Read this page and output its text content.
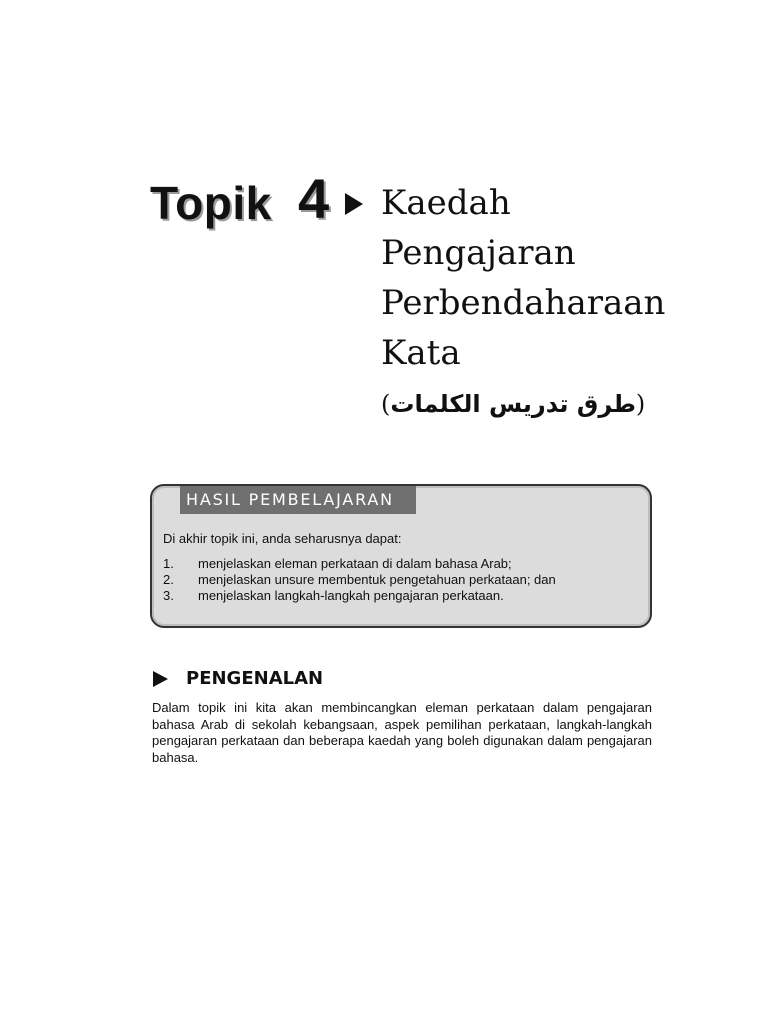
Topik 4 Kaedah
Pengajaran
Perbendaharaan
Kata
(طرق تدريس الكلمات)
HASIL PEMBELAJARAN
Di akhir topik ini, anda seharusnya dapat:
1. menjelaskan eleman perkataan di dalam bahasa Arab;
2. menjelaskan unsure membentuk pengetahuan perkataan; dan
3. menjelaskan langkah-langkah pengajaran perkataan.
PENGENALAN

Dalam topik ini kita akan membincangkan eleman perkataan dalam pengajaran bahasa Arab di sekolah kebangsaan, aspek pemilihan perkataan, langkah-langkah pengajaran perkataan dan beberapa kaedah yang boleh digunakan dalam pengajaran bahasa.
